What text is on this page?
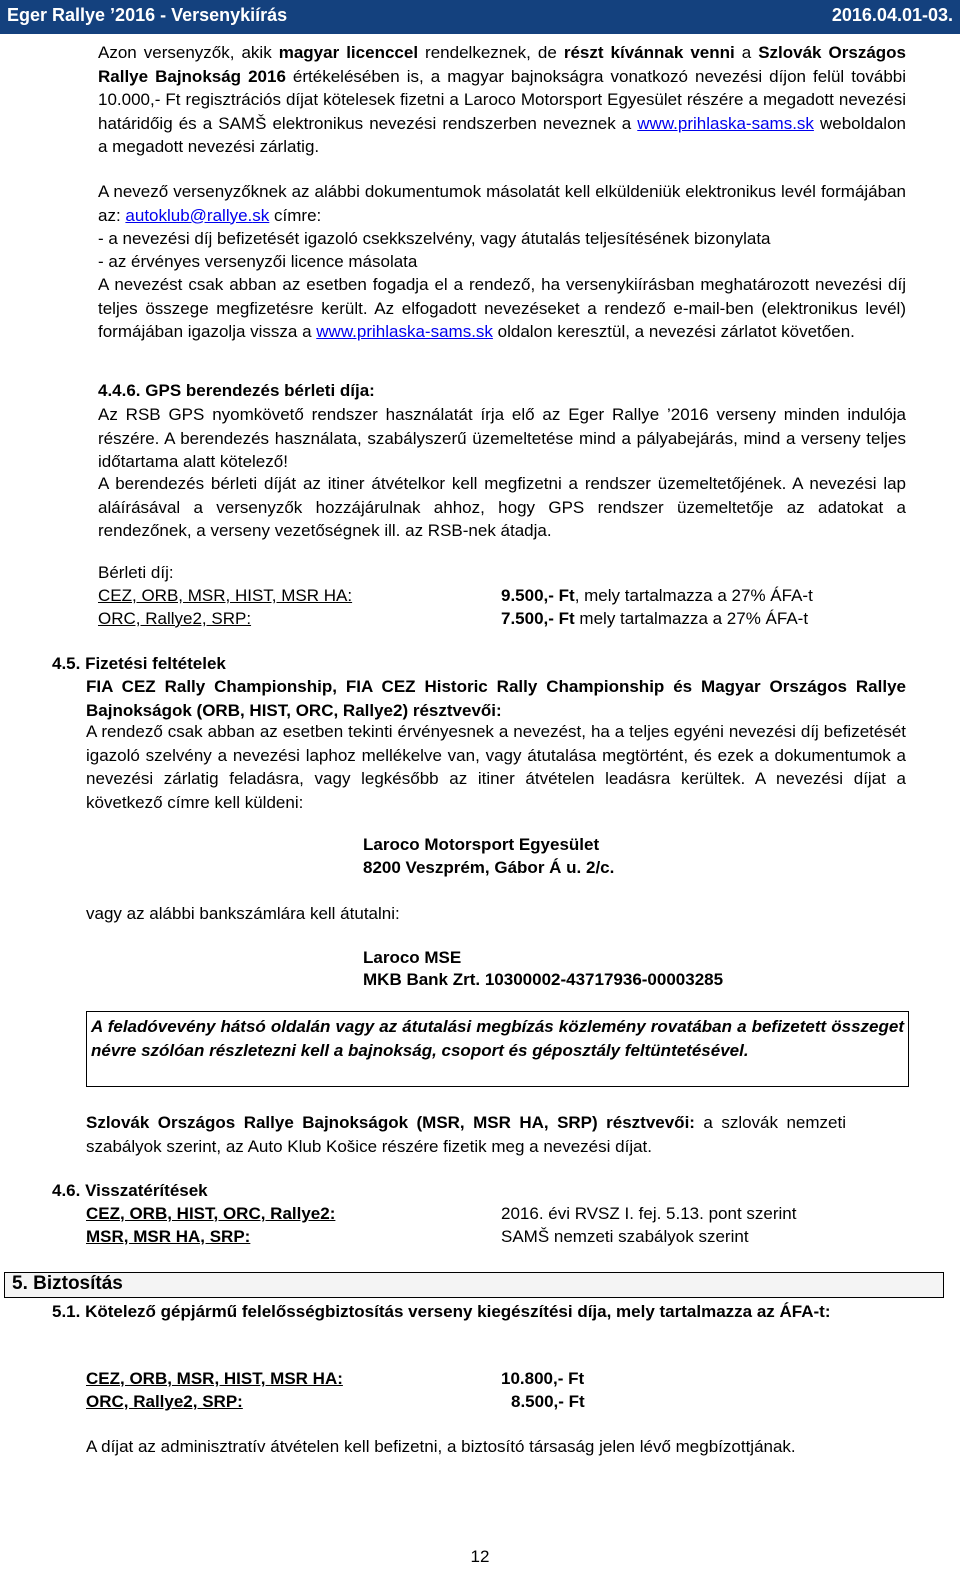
Eger Rallye ’2016 - Versenykiírás	2016.04.01-03.
Azon versenyzők, akik magyar licenccel rendelkeznek, de részt kívánnak venni a Szlovák Országos Rallye Bajnokság 2016 értékelésében is, a magyar bajnokságra vonatkozó nevezési díjon felül további 10.000,- Ft regisztrációs díjat kötelesek fizetni a Laroco Motorsport Egyesület részére a megadott nevezési határidőig és a SAMŠ elektronikus nevezési rendszerben neveznek a www.prihlaska-sams.sk weboldalon a megadott nevezési zárlatig.
A nevező versenyzőknek az alábbi dokumentumok másolatát kell elküldeniük elektronikus levél formájában az: autoklub@rallye.sk címre:
- a nevezési díj befizetését igazoló csekkszelvény, vagy átutalás teljesítésének bizonylata
- az érvényes versenyzői licence másolata
A nevezést csak abban az esetben fogadja el a rendező, ha versenykiírásban meghatározott nevezési díj teljes összege megfizetésre került. Az elfogadott nevezéseket a rendező e-mail-ben (elektronikus levél) formájában igazolja vissza a www.prihlaska-sams.sk oldalon keresztül, a nevezési zárlatot követően.
4.4.6. GPS berendezés bérleti díja:
Az RSB GPS nyomkövető rendszer használatát írja elő az Eger Rallye ’2016 verseny minden indulója részére. A berendezés használata, szabályszerű üzemeltetése mind a pályabejárás, mind a verseny teljes időtartama alatt kötelező!
A berendezés bérleti díját az itiner átvételkor kell megfizetni a rendszer üzemeltetőjének. A nevezési lap aláírásával a versenyzők hozzájárulnak ahhoz, hogy GPS rendszer üzemeltetője az adatokat a rendezőnek, a verseny vezetőségnek ill. az RSB-nek átadja.
Bérleti díj:
CEZ, ORB, MSR, HIST, MSR HA:	9.500,- Ft, mely tartalmazza a 27% ÁFA-t
ORC, Rallye2, SRP:	7.500,- Ft mely tartalmazza a 27% ÁFA-t
4.5. Fizetési feltételek
FIA CEZ Rally Championship, FIA CEZ Historic Rally Championship és Magyar Országos Rallye Bajnokságok (ORB, HIST, ORC, Rallye2) résztvevői:
A rendező csak abban az esetben tekinti érvényesnek a nevezést, ha a teljes egyéni nevezési díj befizetését igazoló szelvény a nevezési laphoz mellékelve van, vagy átutalása megtörtént, és ezek a dokumentumok a nevezési zárlatig feladásra, vagy legkésőbb az itiner átvételen leadásra kerültek. A nevezési díjat a következő címre kell küldeni:
Laroco Motorsport Egyesület
8200 Veszprém, Gábor Á u. 2/c.
vagy az alábbi bankszámlára kell átutalni:
Laroco MSE
MKB Bank Zrt. 10300002-43717936-00003285
A feladóvevény hátsó oldalán vagy az átutalási megbízás közlemény rovatában a befizetett összeget névre szólóan részletezni kell a bajnokság, csoport és géposztály feltüntetésével.
Szlovák Országos Rallye Bajnokságok (MSR, MSR HA, SRP) résztvevői: a szlovák nemzeti szabályok szerint, az Auto Klub Košice részére fizetik meg a nevezési díjat.
4.6. Visszatérítések
CEZ, ORB, HIST, ORC, Rallye2:	2016. évi RVSZ I. fej. 5.13. pont szerint
MSR, MSR HA, SRP:	SAMŠ nemzeti szabályok szerint
5. Biztosítás
5.1. Kötelező gépjármű felelősségbiztosítás verseny kiegészítési díja, mely tartalmazza az ÁFA-t:
CEZ, ORB, MSR, HIST, MSR HA:	10.800,- Ft
ORC, Rallye2, SRP:	8.500,- Ft
A díjat az adminisztratív átvételen kell befizetni, a biztosító társaság jelen lévő megbízottjának.
12
